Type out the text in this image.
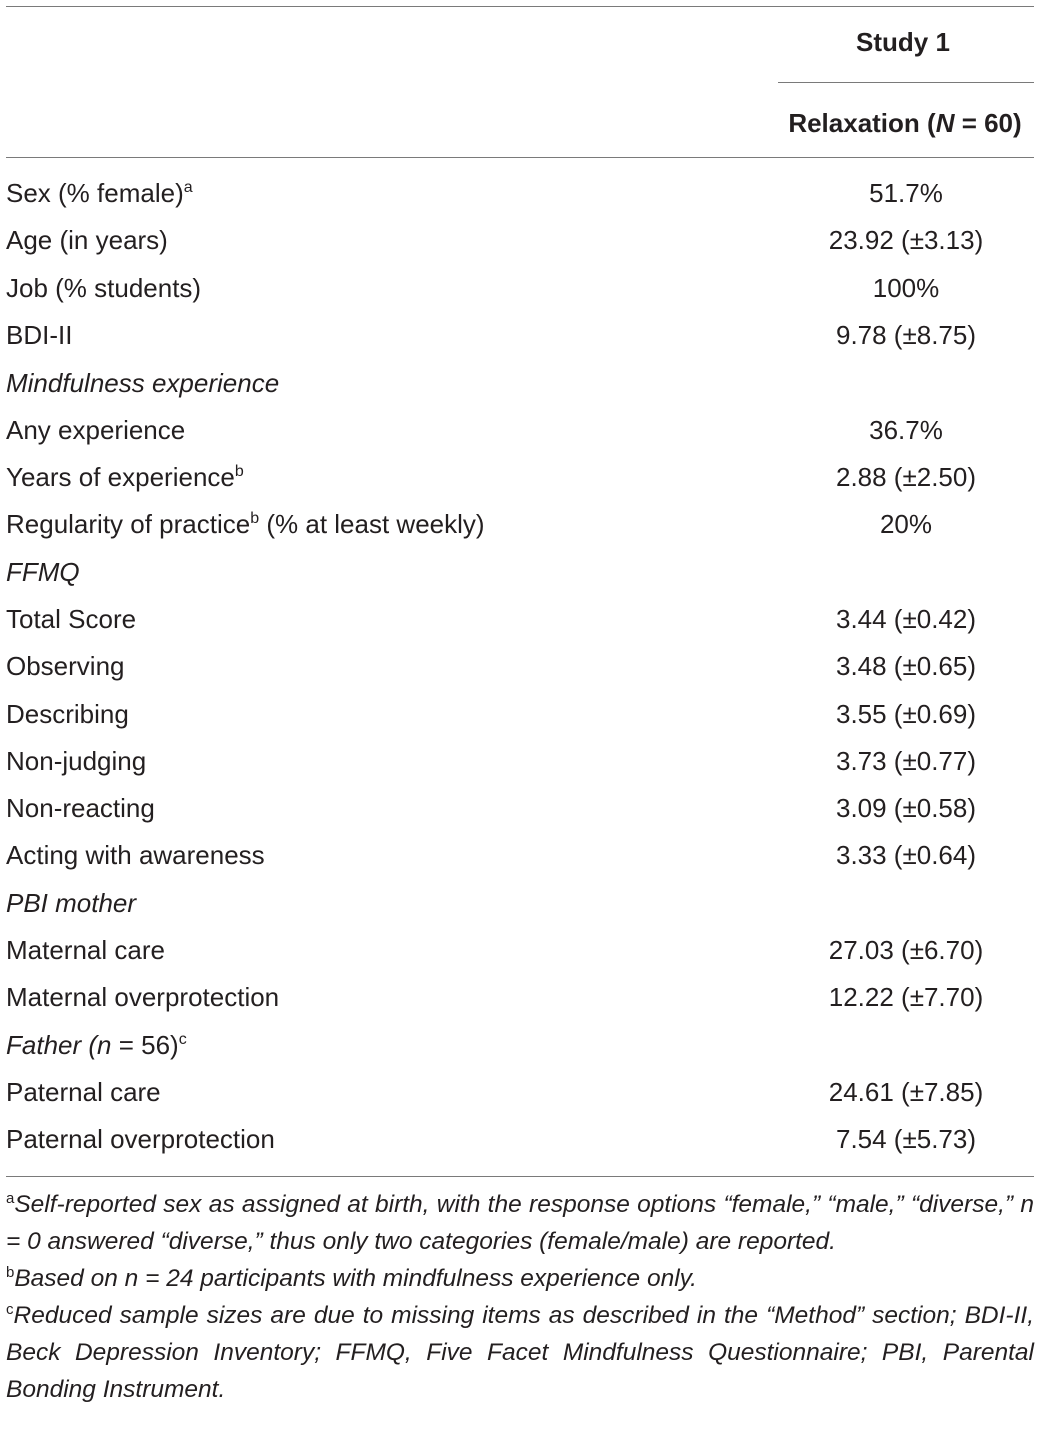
Study 1
Relaxation (N = 60)
Sex (% female)$^a$	51.7%
Age (in years)	23.92 (±3.13)
Job (% students)	100%
BDI-II	9.78 (±8.75)
Mindfulness experience
Any experience	36.7%
Years of experience$^b$	2.88 (±2.50)
Regularity of practice$^b$ (% at least weekly)	20%
FFMQ
Total Score	3.44 (±0.42)
Observing	3.48 (±0.65)
Describing	3.55 (±0.69)
Non-judging	3.73 (±0.77)
Non-reacting	3.09 (±0.58)
Acting with awareness	3.33 (±0.64)
PBI mother
Maternal care	27.03 (±6.70)
Maternal overprotection	12.22 (±7.70)
Father (n = 56)$^c$
Paternal care	24.61 (±7.85)
Paternal overprotection	7.54 (±5.73)
$^a$Self-reported sex as assigned at birth, with the response options “female,” “male,” “diverse,” n = 0 answered “diverse,” thus only two categories (female/male) are reported.
$^b$Based on n = 24 participants with mindfulness experience only.
$^c$Reduced sample sizes are due to missing items as described in the “Method” section; BDI-II, Beck Depression Inventory; FFMQ, Five Facet Mindfulness Questionnaire; PBI, Parental Bonding Instrument.
